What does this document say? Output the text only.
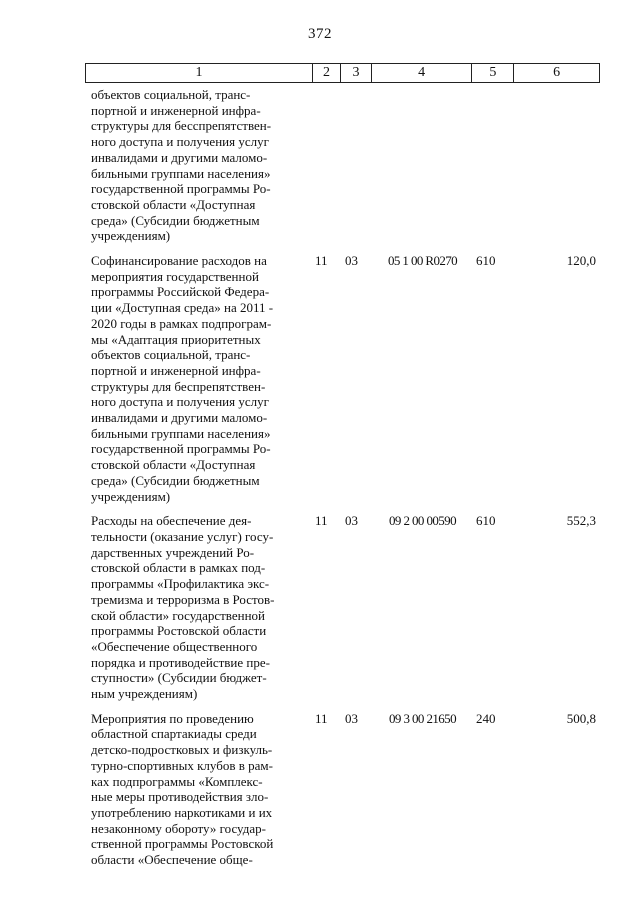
372
1	2	3	4	5	6
объектов социальной, транс-
портной и инженерной инфра-
структуры для бесспрепятствен-
ного доступа и получения услуг
инвалидами и другими маломо-
бильными группами населения»
государственной программы Ро-
стовской области «Доступная
среда» (Субсидии бюджетным
учреждениям)
Софинансирование расходов на
мероприятия государственной
программы Российской Федера-
ции «Доступная среда» на 2011 -
2020 годы в рамках подпрограм-
мы «Адаптация приоритетных
объектов социальной, транс-
портной и инженерной инфра-
структуры для беспрепятствен-
ного доступа и получения услуг
инвалидами и другими маломо-
бильными группами населения»
государственной программы Ро-
стовской области «Доступная
среда» (Субсидии бюджетным
учреждениям)
11	03	05 1 00 R0270	610	120,0
Расходы на обеспечение дея-
тельности (оказание услуг) госу-
дарственных учреждений Ро-
стовской области в рамках под-
программы «Профилактика экс-
тремизма и терроризма в Ростов-
ской области» государственной
программы Ростовской области
«Обеспечение общественного
порядка и противодействие пре-
ступности» (Субсидии бюджет-
ным учреждениям)
11	03	09 2 00 00590	610	552,3
Мероприятия по проведению
областной спартакиады среди
детско-подростковых и физкуль-
турно-спортивных клубов в рам-
ках подпрограммы «Комплекс-
ные меры противодействия зло-
употреблению наркотиками и их
незаконному обороту» государ-
ственной программы Ростовской
области «Обеспечение обще-
11	03	09 3 00 21650	240	500,8
